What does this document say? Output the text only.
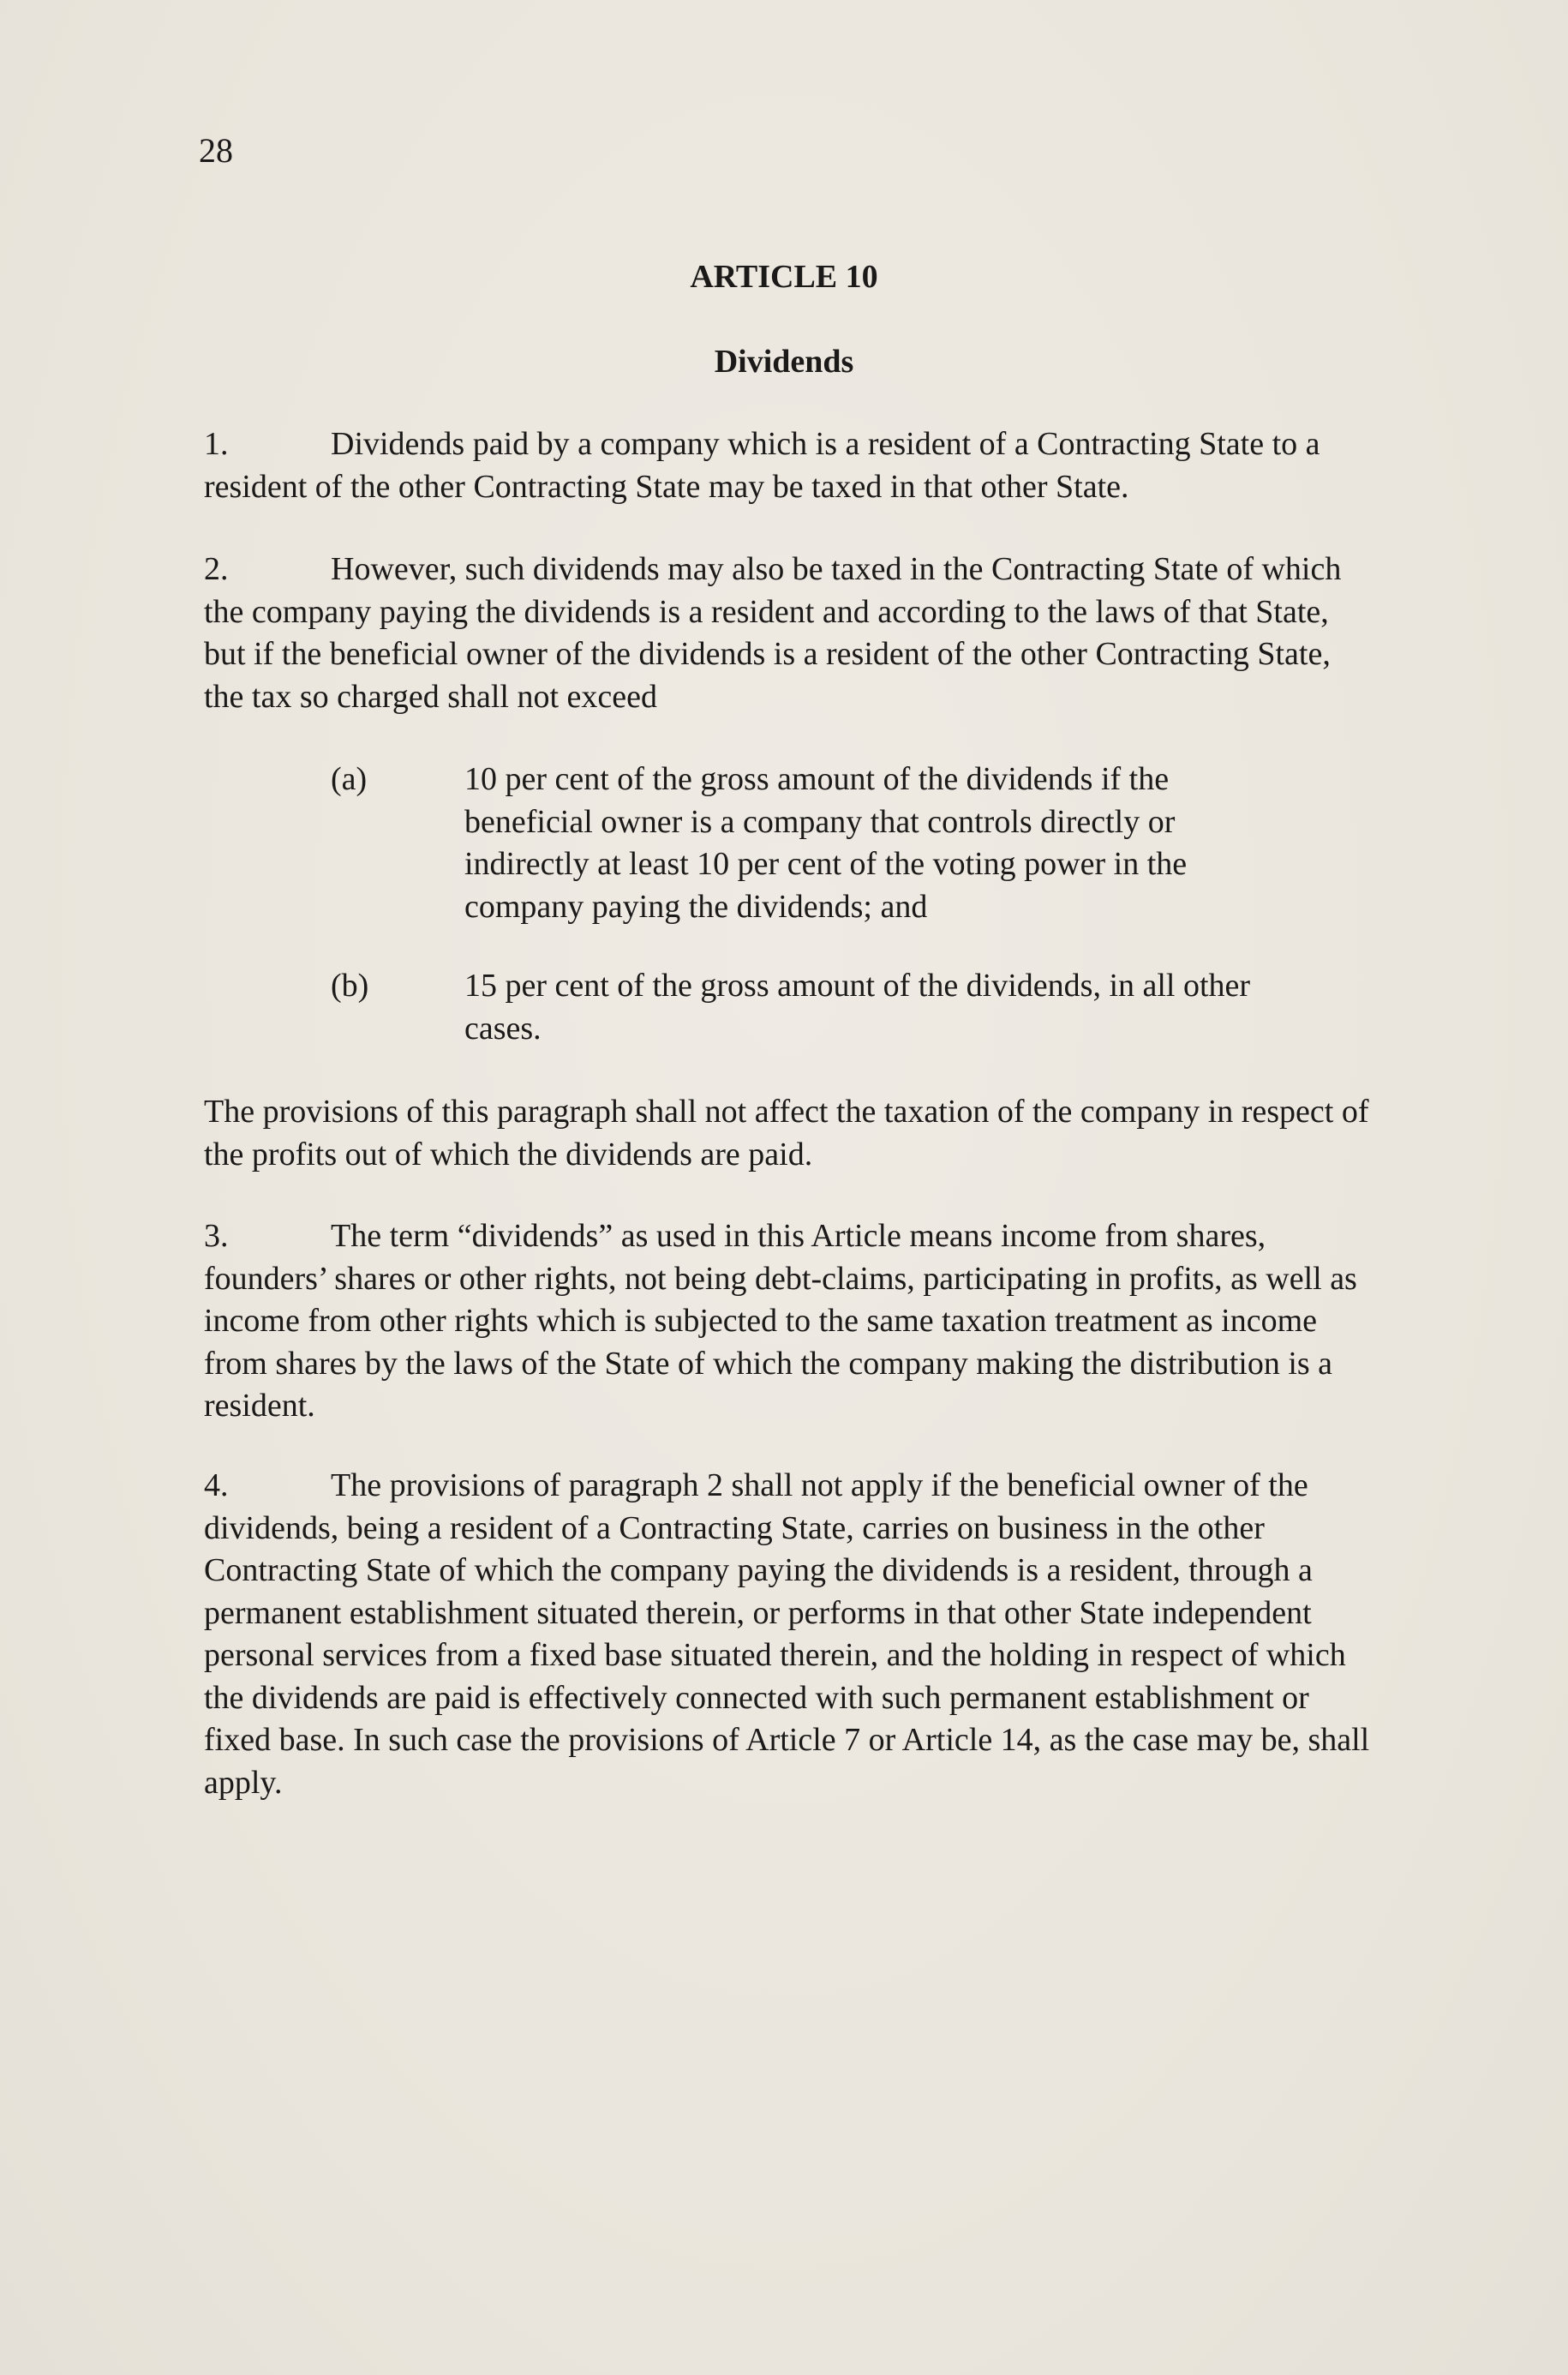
28
ARTICLE 10
Dividends

1.	Dividends paid by a company which is a resident of a Contracting State to a resident of the other Contracting State may be taxed in that other State.

2.	However, such dividends may also be taxed in the Contracting State of which the company paying the dividends is a resident and according to the laws of that State, but if the beneficial owner of the dividends is a resident of the other Contracting State, the tax so charged shall not exceed

(a)	10 per cent of the gross amount of the dividends if the beneficial owner is a company that controls directly or indirectly at least 10 per cent of the voting power in the company paying the dividends; and
(b)	15 per cent of the gross amount of the dividends, in all other cases.

The provisions of this paragraph shall not affect the taxation of the company in respect of the profits out of which the dividends are paid.

3.	The term “dividends” as used in this Article means income from shares, founders’ shares or other rights, not being debt-claims, participating in profits, as well as income from other rights which is subjected to the same taxation treatment as income from shares by the laws of the State of which the company making the distribution is a resident.

4.	The provisions of paragraph 2 shall not apply if the beneficial owner of the dividends, being a resident of a Contracting State, carries on business in the other Contracting State of which the company paying the dividends is a resident, through a permanent establishment situated therein, or performs in that other State independent personal services from a fixed base situated therein, and the holding in respect of which the dividends are paid is effectively connected with such permanent establishment or fixed base. In such case the provisions of Article 7 or Article 14, as the case may be, shall apply.
